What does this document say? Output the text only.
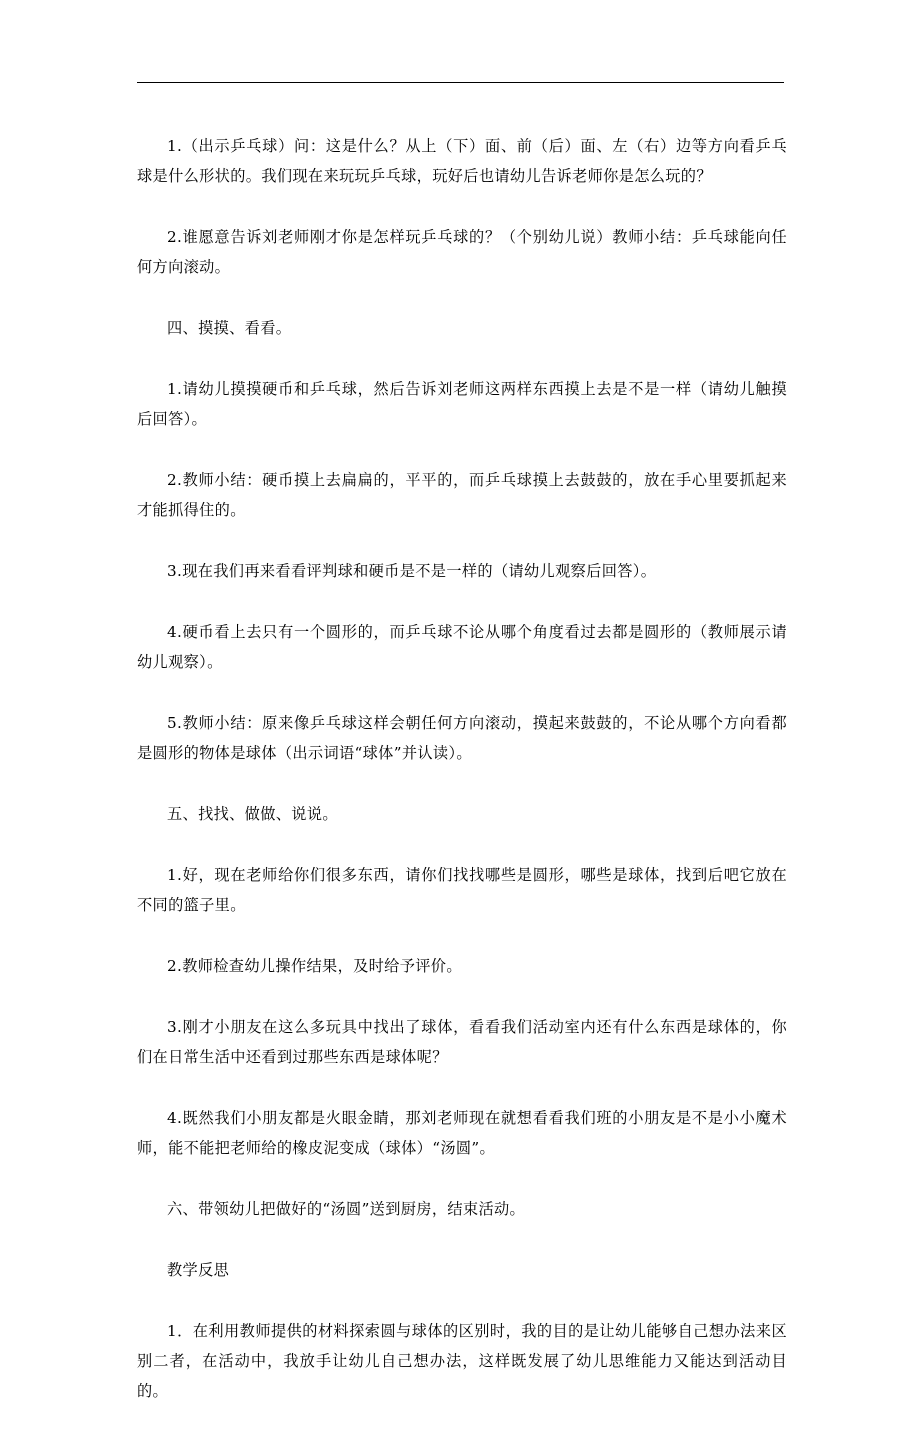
1.（出示乒乓球）问：这是什么？从上（下）面、前（后）面、左（右）边等方向看乒乓球是什么形状的。我们现在来玩玩乒乓球，玩好后也请幼儿告诉老师你是怎么玩的？

2.谁愿意告诉刘老师刚才你是怎样玩乒乓球的？（个别幼儿说）教师小结：乒乓球能向任何方向滚动。

四、摸摸、看看。

1.请幼儿摸摸硬币和乒乓球，然后告诉刘老师这两样东西摸上去是不是一样（请幼儿触摸后回答）。

2.教师小结：硬币摸上去扁扁的，平平的，而乒乓球摸上去鼓鼓的，放在手心里要抓起来才能抓得住的。

3.现在我们再来看看评判球和硬币是不是一样的（请幼儿观察后回答）。

4.硬币看上去只有一个圆形的，而乒乓球不论从哪个角度看过去都是圆形的（教师展示请幼儿观察）。

5.教师小结：原来像乒乓球这样会朝任何方向滚动，摸起来鼓鼓的，不论从哪个方向看都是圆形的物体是球体（出示词语“球体”并认读）。

五、找找、做做、说说。

1.好，现在老师给你们很多东西，请你们找找哪些是圆形，哪些是球体，找到后吧它放在不同的篮子里。

2.教师检查幼儿操作结果，及时给予评价。

3.刚才小朋友在这么多玩具中找出了球体，看看我们活动室内还有什么东西是球体的，你们在日常生活中还看到过那些东西是球体呢？

4.既然我们小朋友都是火眼金睛，那刘老师现在就想看看我们班的小朋友是不是小小魔术师，能不能把老师给的橡皮泥变成（球体）“汤圆”。

六、带领幼儿把做好的“汤圆”送到厨房，结束活动。

教学反思

1．在利用教师提供的材料探索圆与球体的区别时，我的目的是让幼儿能够自己想办法来区别二者，在活动中，我放手让幼儿自己想办法，这样既发展了幼儿思维能力又能达到活动目的。
